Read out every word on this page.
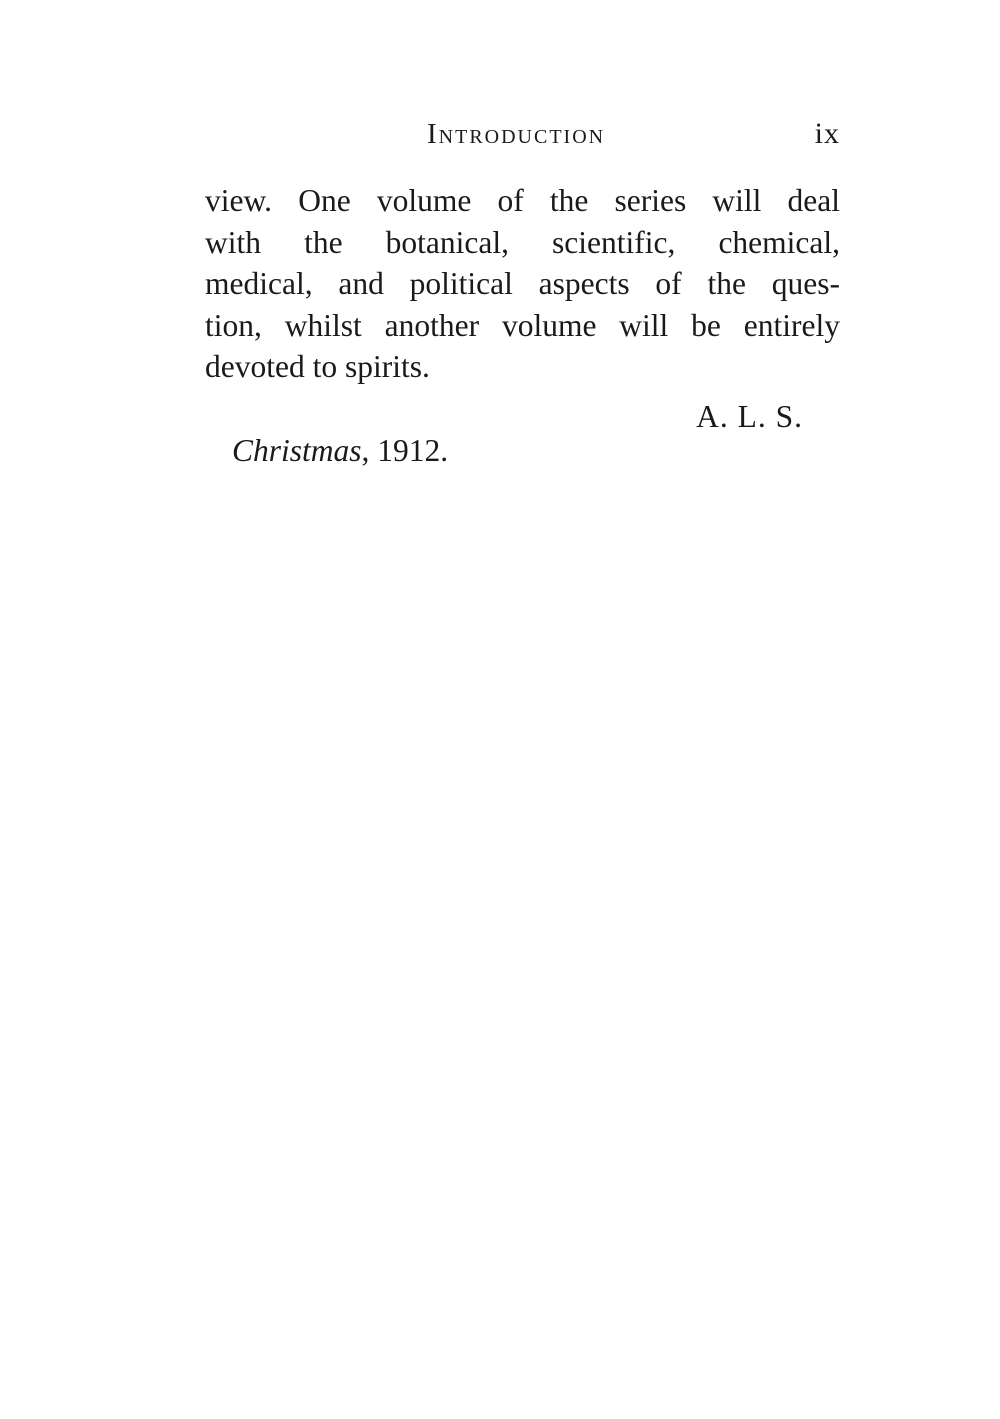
Introduction	ix

view. One volume of the series will deal
with the botanical, scientific, chemical,
medical, and political aspects of the ques-
tion, whilst another volume will be entirely
devoted to spirits.

A. L. S.
Christmas, 1912.
